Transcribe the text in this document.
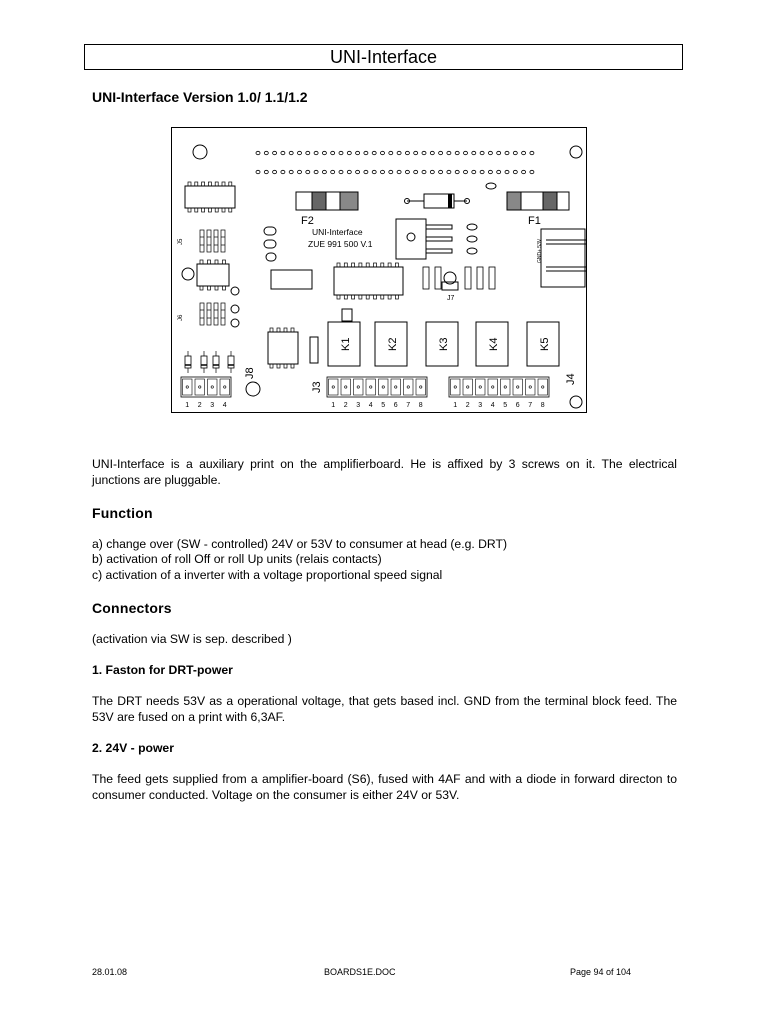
UNI-Interface
UNI-Interface Version 1.0/ 1.1/1.2
F2	F1
UNI-Interface
ZUE 991 500 V.1
J5
J7
GND
+ 53V
J6
K1	K2	K3	K4	K5
1 2 3 4	1 2 3 4 5 6 7 8	1 2 3 4 5 6 7 8
J8
J3
J4
UNI-Interface is a auxiliary print on the amplifierboard. He is affixed by 3 screws on it. The electrical junctions are pluggable.
Function
a) change over (SW - controlled) 24V or 53V to consumer at head (e.g. DRT)
b) activation of roll Off or roll Up units (relais contacts)
c) activation of a inverter with a voltage proportional speed signal
Connectors
(activation via SW is sep. described )
1. Faston for DRT-power
The DRT needs 53V as a operational voltage, that gets based incl. GND from the terminal block feed. The 53V are fused on a print with 6,3AF.
2. 24V - power
The feed gets supplied from a amplifier-board (S6), fused with 4AF and with a diode in forward directon to consumer conducted. Voltage on the consumer is either 24V or 53V.
28.01.08	BOARDS1E.DOC	Page 94 of 104
